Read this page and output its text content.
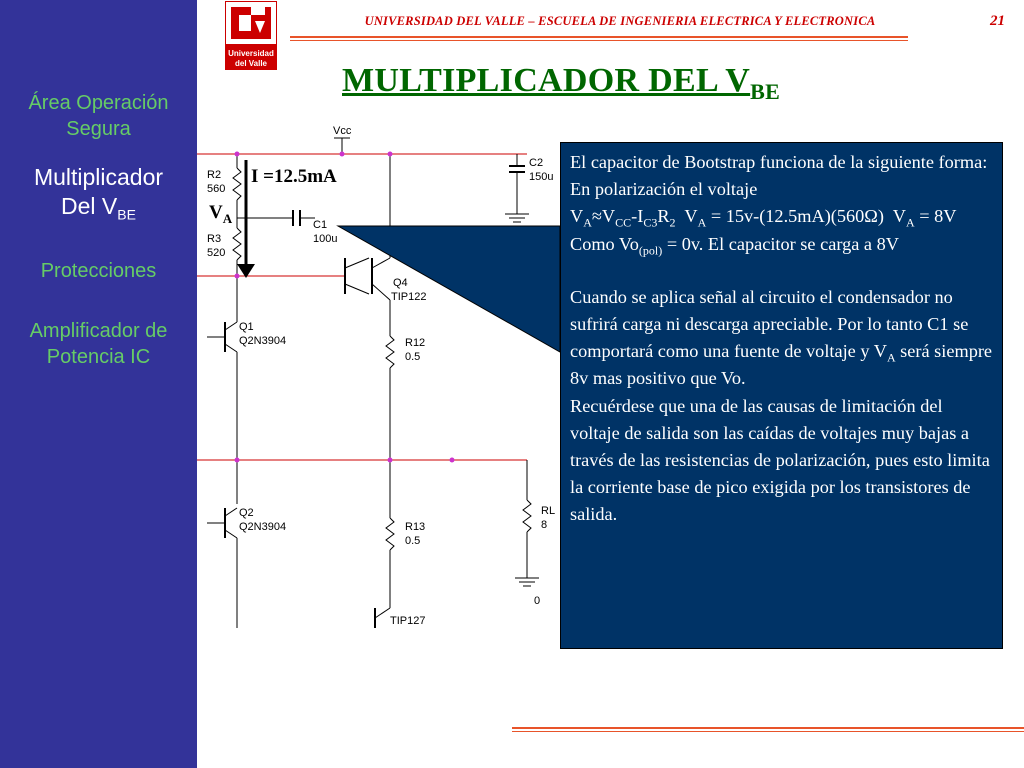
Área Operación
Segura
Multiplicador
Del $V_{BE}$
Protecciones
Amplificador de
Potencia IC
Universidad
del Valle
UNIVERSIDAD DEL VALLE – ESCUELA DE INGENIERIA ELECTRICA Y ELECTRONICA	21
MULTIPLICADOR DEL $V_{BE}$
Vcc
R2
560
R3
520
C1
100u
C2
150u
Q4
TIP122
R12
0.5
Q1
Q2N3904
Q2
Q2N3904	R13
0.5
RL
8
TIP127
0
I =12.5mA
$V_A$

El capacitor de Bootstrap funciona de la siguiente forma:

En polarización el voltaje

$V_A\approx V_{CC}-I_{C3}R_2$ $V_A = 15v-(12.5mA)(560\Omega) V_A = 8V$

Como $Vo_{(pol)} = 0v$. El capacitor se carga a 8V

Cuando se aplica señal al circuito el condensador no sufrirá carga ni descarga apreciable. Por lo tanto C1 se comportará como una fuente de voltaje y $V_A$ será siempre 8v mas positivo que Vo.

Recuérdese que una de las causas de limitación del voltaje de salida son las caídas de voltajes muy bajas a través de las resistencias de polarización, pues esto limita la corriente base de pico exigida por los transistores de salida.
